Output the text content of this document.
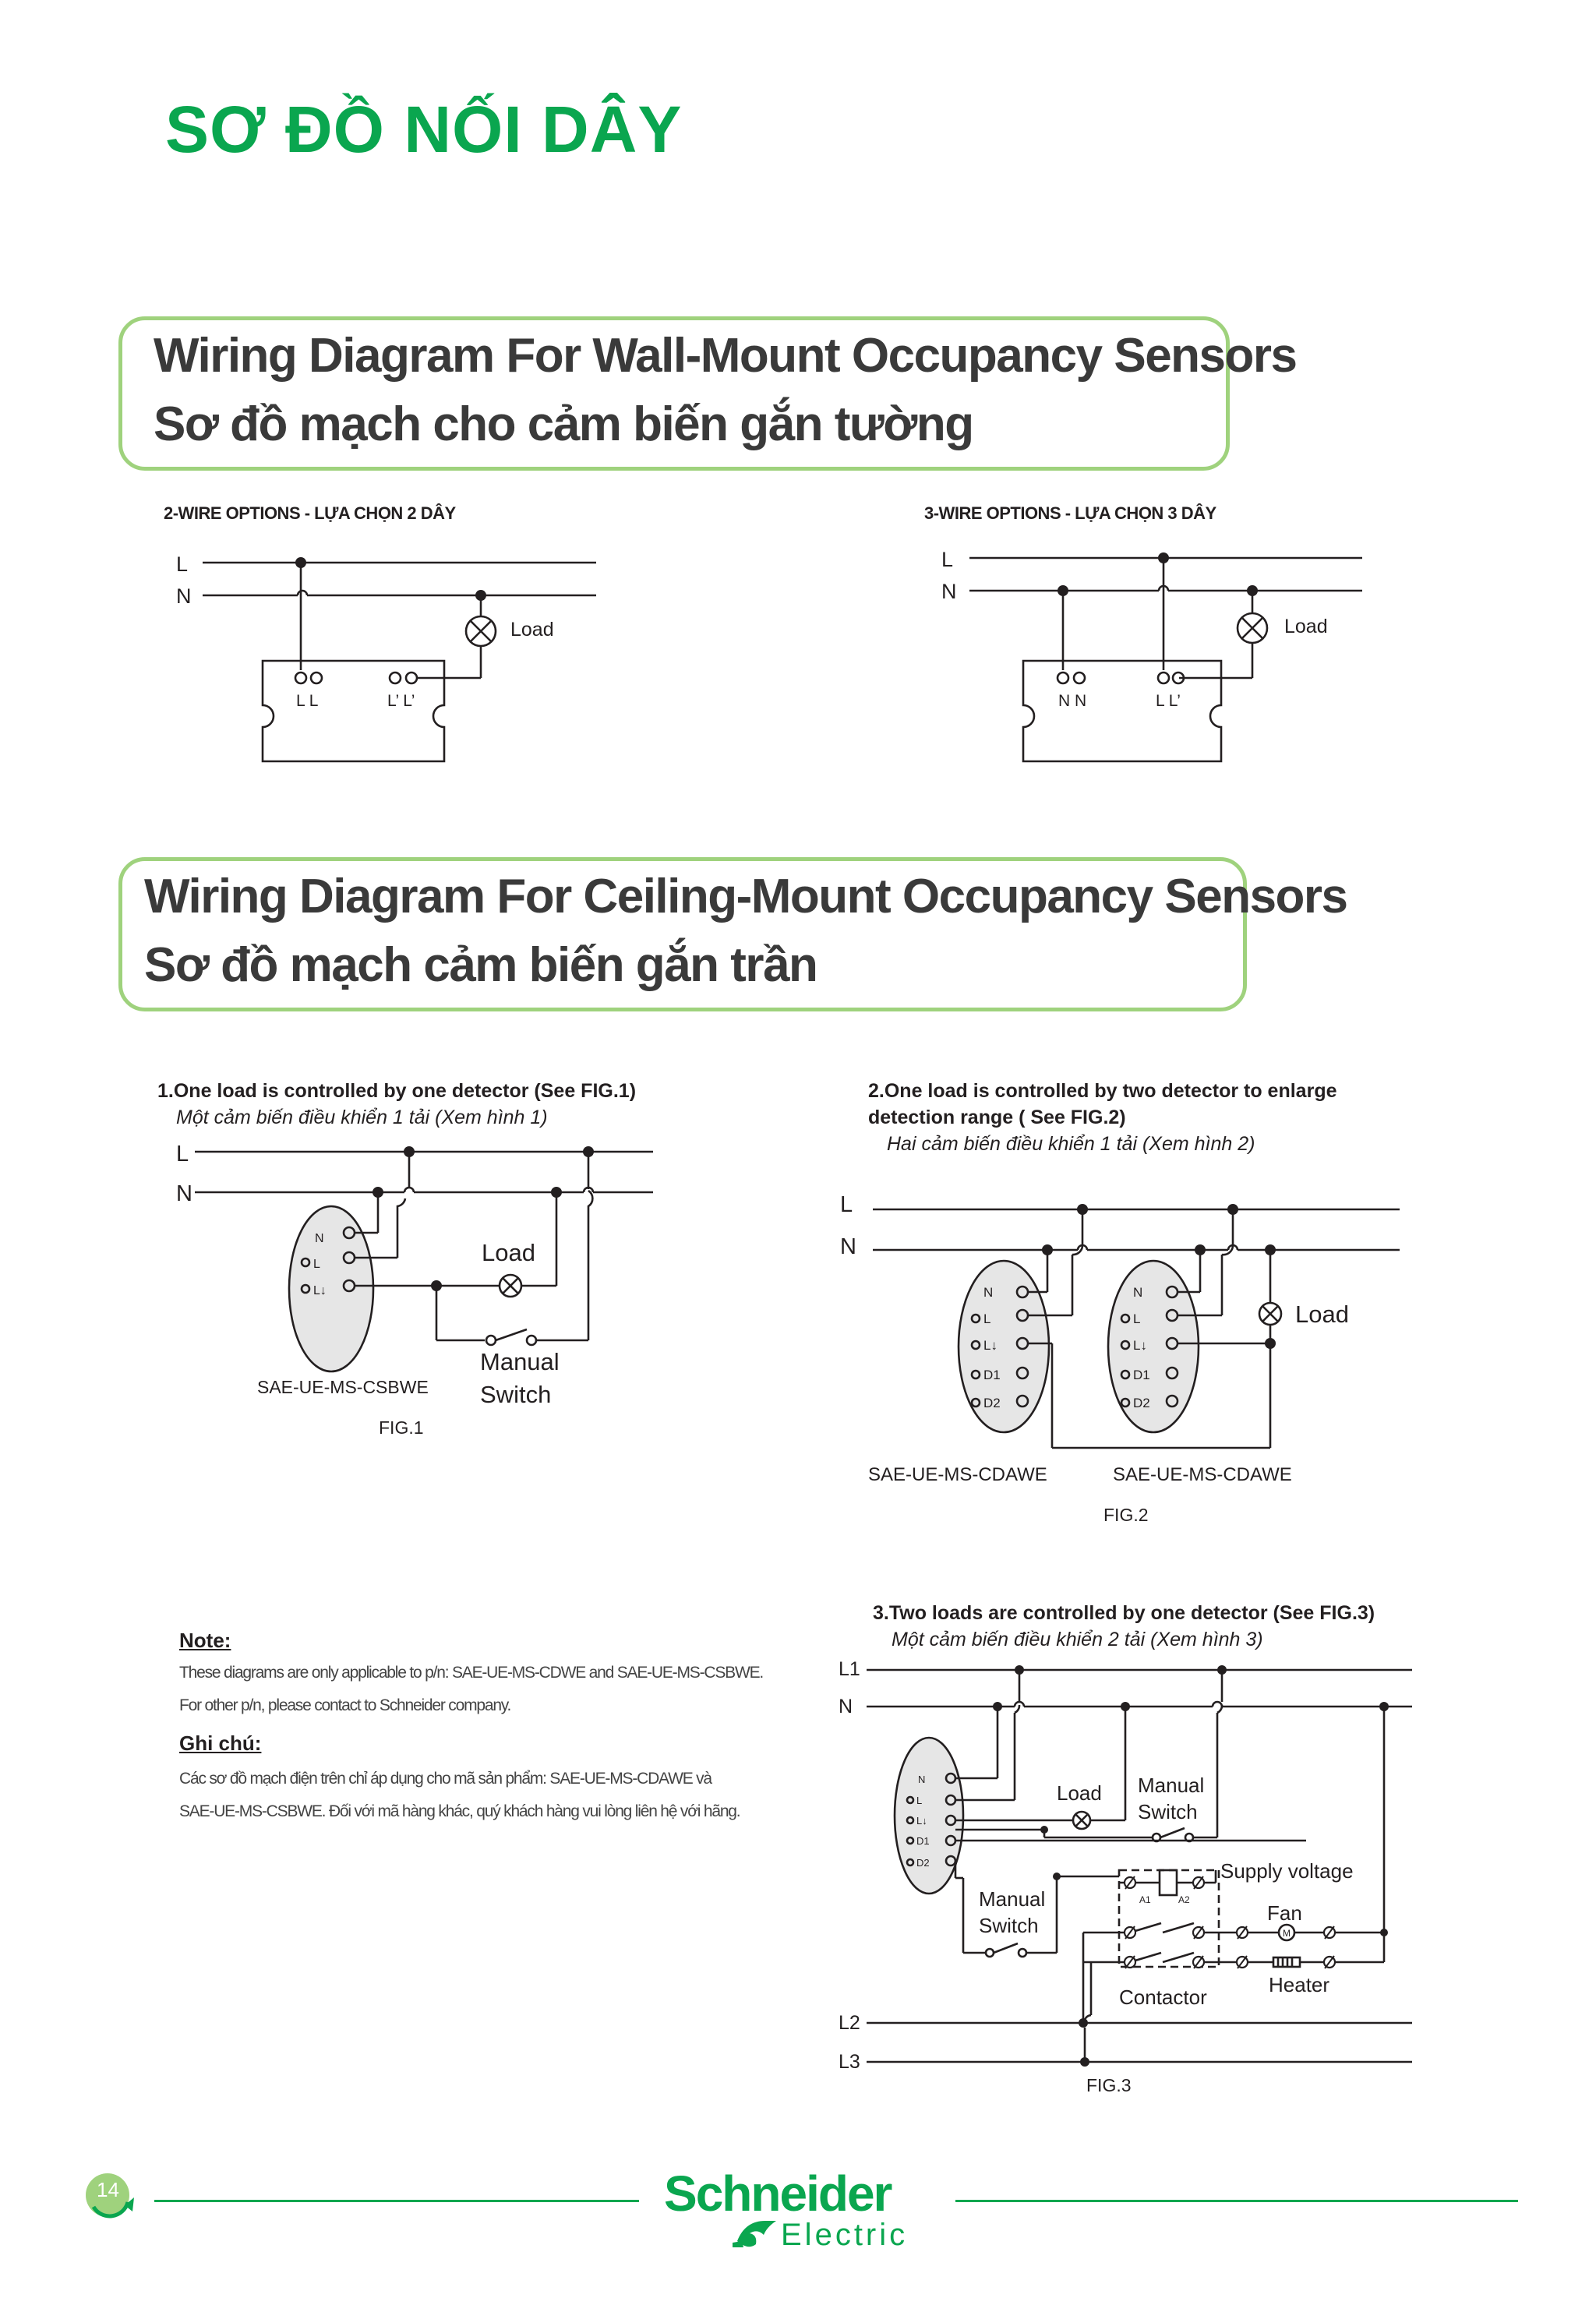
SƠ ĐỒ NỐI DÂY
Wiring Diagram For Wall-Mount Occupancy Sensors
Sơ đồ mạch cho cảm biến gắn tường
2-WIRE OPTIONS - LỰA CHỌN 2 DÂY
L
N
Load
L L	L’ L’
3-WIRE OPTIONS - LỰA CHỌN 3 DÂY
L
N
Load
N N	L L’
Wiring Diagram For Ceiling-Mount Occupancy Sensors
Sơ đồ mạch cảm biến gắn trần
1.One load is controlled by one detector (See FIG.1)
Một cảm biến điều khiển 1 tải (Xem hình 1)
L
N
N
L
L↓
Load
Manual
Switch
SAE-UE-MS-CSBWE
FIG.1
2.One load is controlled by two detector to enlarge
detection range ( See FIG.2)
Hai cảm biến điều khiển 1 tải (Xem hình 2)
L
N
N
L
L↓
D1
D2
N
L
L↓
D1
D2
Load
SAE-UE-MS-CDAWE	SAE-UE-MS-CDAWE
FIG.2
Note:
These diagrams are only applicable to p/n: SAE-UE-MS-CDWE and SAE-UE-MS-CSBWE.
For other p/n, please contact to Schneider company.
Ghi chú:
Các sơ đồ mạch điện trên chỉ áp dụng cho mã sản phẩm: SAE-UE-MS-CDAWE và
SAE-UE-MS-CSBWE. Đối với mã hàng khác, quý khách hàng vui lòng liên hệ với hãng.
3.Two loads are controlled by one detector (See FIG.3)
Một cảm biến điều khiển 2 tải (Xem hình 3)
L1
N
L2
L3
N
L
L↓
D1
D2
Load Manual
Switch
Manual
Switch
Supply voltage
Fan
Heater
Contactor
A1	A2
M
FIG.3
14	Schneider
Electric
